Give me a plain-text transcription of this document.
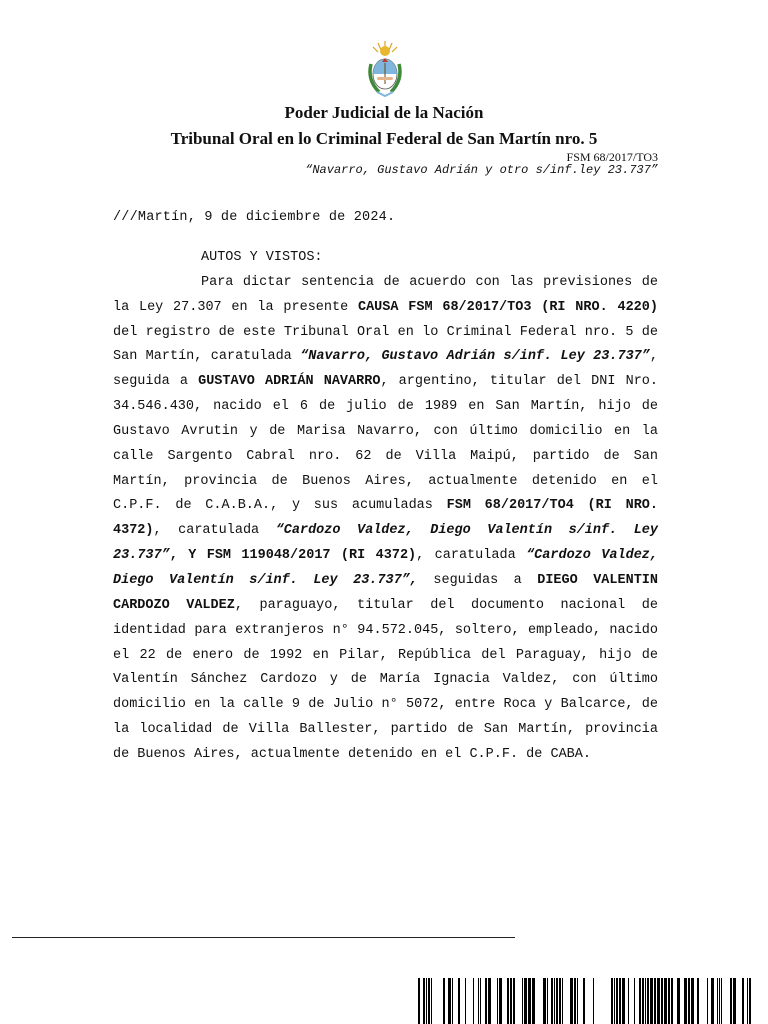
Poder Judicial de la Nación
Tribunal Oral en lo Criminal Federal de San Martín nro. 5
FSM 68/2017/TO3
“Navarro, Gustavo Adrián y otro s/inf.ley 23.737”
///Martín, 9 de diciembre de 2024.

AUTOS Y VISTOS:

Para dictar sentencia de acuerdo con las previsiones de la Ley 27.307 en la presente CAUSA FSM 68/2017/TO3 (RI NRO. 4220) del registro de este Tribunal Oral en lo Criminal Federal nro. 5 de San Martín, caratulada “Navarro, Gustavo Adrián s/inf. Ley 23.737”, seguida a GUSTAVO ADRIÁN NAVARRO, argentino, titular del DNI Nro. 34.546.430, nacido el 6 de julio de 1989 en San Martín, hijo de Gustavo Avrutin y de Marisa Navarro, con último domicilio en la calle Sargento Cabral nro. 62 de Villa Maipú, partido de San Martín, provincia de Buenos Aires, actualmente detenido en el C.P.F. de C.A.B.A., y sus acumuladas FSM 68/2017/TO4 (RI NRO. 4372), caratulada “Cardozo Valdez, Diego Valentín s/inf. Ley 23.737”, Y FSM 119048/2017 (RI 4372), caratulada “Cardozo Valdez, Diego Valentín s/inf. Ley 23.737”, seguidas a DIEGO VALENTIN CARDOZO VALDEZ, paraguayo, titular del documento nacional de identidad para extranjeros n° 94.572.045, soltero, empleado, nacido el 22 de enero de 1992 en Pilar, República del Paraguay, hijo de Valentín Sánchez Cardozo y de María Ignacia Valdez, con último domicilio en la calle 9 de Julio n° 5072, entre Roca y Balcarce, de la localidad de Villa Ballester, partido de San Martín, provincia de Buenos Aires, actualmente detenido en el C.P.F. de CABA.
